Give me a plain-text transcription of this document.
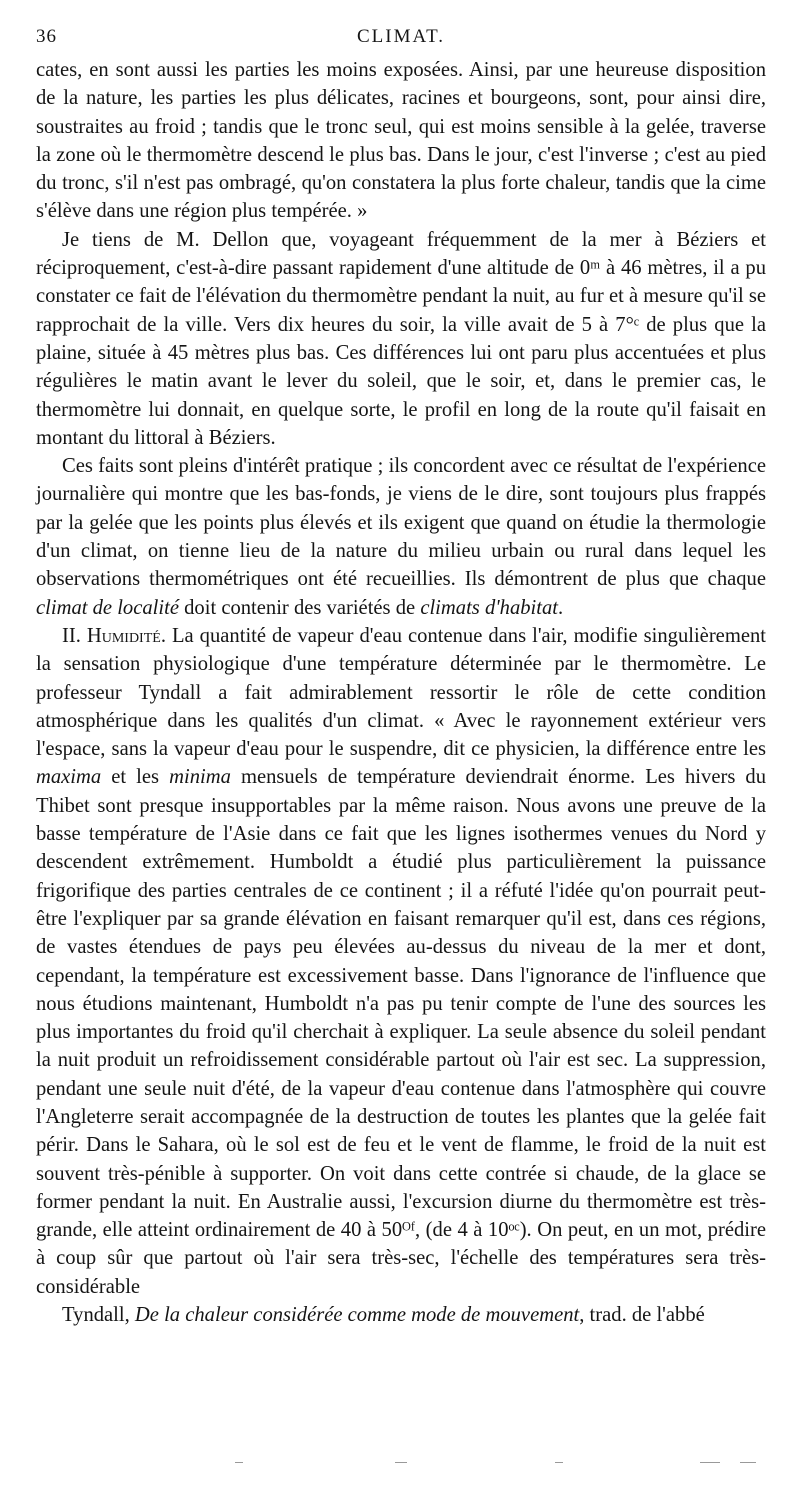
36	CLIMAT.

cates, en sont aussi les parties les moins exposées. Ainsi, par une heureuse disposition de la nature, les parties les plus délicates, racines et bourgeons, sont, pour ainsi dire, soustraites au froid ; tandis que le tronc seul, qui est moins sensible à la gelée, traverse la zone où le thermomètre descend le plus bas. Dans le jour, c'est l'inverse ; c'est au pied du tronc, s'il n'est pas ombragé, qu'on constatera la plus forte chaleur, tandis que la cime s'élève dans une région plus tempérée. »

Je tiens de M. Dellon que, voyageant fréquemment de la mer à Béziers et réciproquement, c'est-à-dire passant rapidement d'une altitude de 0ᵐ à 46 mètres, il a pu constater ce fait de l'élévation du thermomètre pendant la nuit, au fur et à mesure qu'il se rapprochait de la ville. Vers dix heures du soir, la ville avait de 5 à 7°ᶜ de plus que la plaine, située à 45 mètres plus bas. Ces différences lui ont paru plus accentuées et plus régulières le matin avant le lever du soleil, que le soir, et, dans le premier cas, le thermomètre lui donnait, en quelque sorte, le profil en long de la route qu'il faisait en montant du littoral à Béziers.

Ces faits sont pleins d'intérêt pratique ; ils concordent avec ce résultat de l'expérience journalière qui montre que les bas-fonds, je viens de le dire, sont toujours plus frappés par la gelée que les points plus élevés et ils exigent que quand on étudie la thermologie d'un climat, on tienne lieu de la nature du milieu urbain ou rural dans lequel les observations thermométriques ont été recueillies. Ils démontrent de plus que chaque climat de localité doit contenir des variétés de climats d'habitat.

II. Humidité. La quantité de vapeur d'eau contenue dans l'air, modifie singulièrement la sensation physiologique d'une température déterminée par le thermomètre. Le professeur Tyndall a fait admirablement ressortir le rôle de cette condition atmosphérique dans les qualités d'un climat. « Avec le rayonnement extérieur vers l'espace, sans la vapeur d'eau pour le suspendre, dit ce physicien, la différence entre les maxima et les minima mensuels de température deviendrait énorme. Les hivers du Thibet sont presque insupportables par la même raison. Nous avons une preuve de la basse température de l'Asie dans ce fait que les lignes isothermes venues du Nord y descendent extrêmement. Humboldt a étudié plus particulièrement la puissance frigorifique des parties centrales de ce continent ; il a réfuté l'idée qu'on pourrait peut-être l'expliquer par sa grande élévation en faisant remarquer qu'il est, dans ces régions, de vastes étendues de pays peu élevées au-dessus du niveau de la mer et dont, cependant, la température est excessivement basse. Dans l'ignorance de l'influence que nous étudions maintenant, Humboldt n'a pas pu tenir compte de l'une des sources les plus importantes du froid qu'il cherchait à expliquer. La seule absence du soleil pendant la nuit produit un refroidissement considérable partout où l'air est sec. La suppression, pendant une seule nuit d'été, de la vapeur d'eau contenue dans l'atmosphère qui couvre l'Angleterre serait accompagnée de la destruction de toutes les plantes que la gelée fait périr. Dans le Sahara, où le sol est de feu et le vent de flamme, le froid de la nuit est souvent très-pénible à supporter. On voit dans cette contrée si chaude, de la glace se former pendant la nuit. En Australie aussi, l'excursion diurne du thermomètre est très-grande, elle atteint ordinairement de 40 à 50ᴼᶠ, (de 4 à 10ᵒᶜ). On peut, en un mot, prédire à coup sûr que partout où l'air sera très-sec, l'échelle des températures sera très-considérable

Tyndall, De la chaleur considérée comme mode de mouvement, trad. de l'abbé
